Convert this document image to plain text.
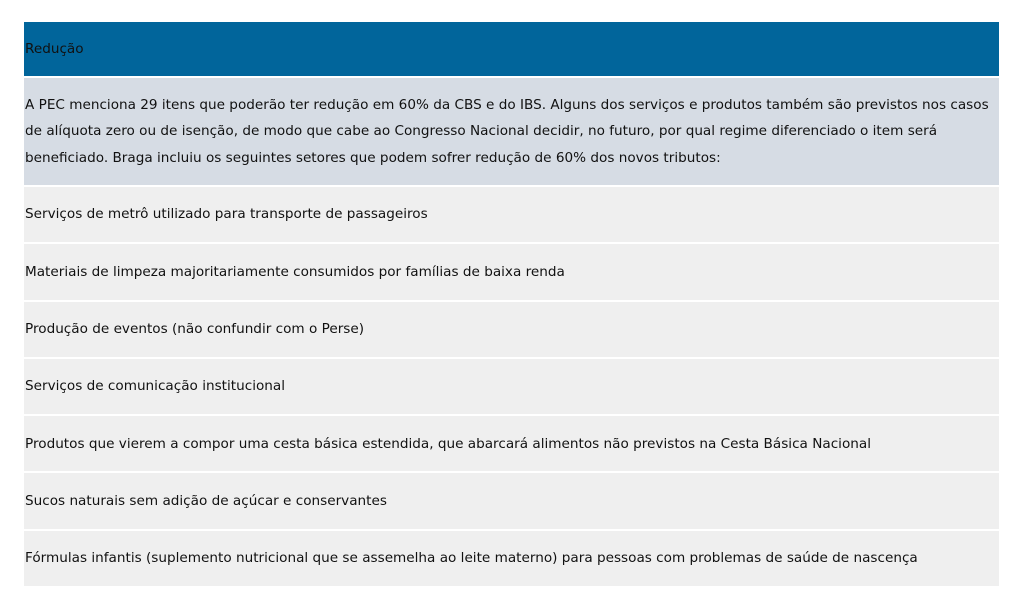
Redução
A PEC menciona 29 itens que poderão ter redução em 60% da CBS e do IBS. Alguns dos serviços e produtos também são previstos nos casos de alíquota zero ou de isenção, de modo que cabe ao Congresso Nacional decidir, no futuro, por qual regime diferenciado o item será beneficiado. Braga incluiu os seguintes setores que podem sofrer redução de 60% dos novos tributos:
Serviços de metrô utilizado para transporte de passageiros
Materiais de limpeza majoritariamente consumidos por famílias de baixa renda
Produção de eventos (não confundir com o Perse)
Serviços de comunicação institucional
Produtos que vierem a compor uma cesta básica estendida, que abarcará alimentos não previstos na Cesta Básica Nacional
Sucos naturais sem adição de açúcar e conservantes
Fórmulas infantis (suplemento nutricional que se assemelha ao leite materno) para pessoas com problemas de saúde de nascença
